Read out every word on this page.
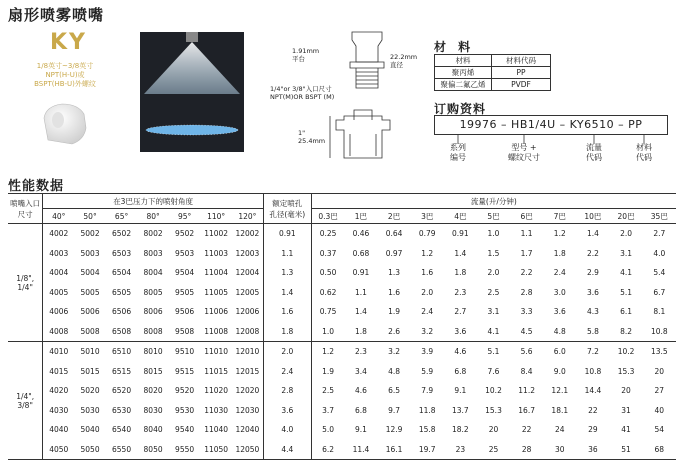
扇形喷雾喷嘴
KY
1/8英寸~3/8英寸
NPT(H-U)或
BSPT(HB-U)外螺纹
1.91mm
平台	22.2mm
直径
1/4"or 3/8"入口尺寸
NPT(M)OR BSPT (M)
1"
25.4mm
材 料
材料	材料代码
聚丙烯	PP
聚偏二氟乙烯	PVDF
订购资料
19976 – HB1/4U – KY6510 – PP
系列
编号
型号 +
螺纹尺寸
流量
代码
材料
代码
性能数据
喷嘴入口尺寸	在3巴压力下的喷射角度							额定喷孔
孔径(毫米)	流量(升/分钟)										
	40°	50°	65°	80°	95°	110°	120°		0.3巴	1巴	2巴	3巴	4巴	5巴	6巴	7巴	10巴	20巴	35巴

1/8",
1/4"	4002	5002	6502	8002	9502	11002	12002	0.91	0.25	0.46	0.64	0.79	0.91	1.0	1.1	1.2	1.4	2.0	2.7
	4003	5003	6503	8003	9503	11003	12003	1.1	0.37	0.68	0.97	1.2	1.4	1.5	1.7	1.8	2.2	3.1	4.0
	4004	5004	6504	8004	9504	11004	12004	1.3	0.50	0.91	1.3	1.6	1.8	2.0	2.2	2.4	2.9	4.1	5.4
	4005	5005	6505	8005	9505	11005	12005	1.4	0.62	1.1	1.6	2.0	2.3	2.5	2.8	3.0	3.6	5.1	6.7
	4006	5006	6506	8006	9506	11006	12006	1.6	0.75	1.4	1.9	2.4	2.7	3.1	3.3	3.6	4.3	6.1	8.1
	4008	5008	6508	8008	9508	11008	12008	1.8	1.0	1.8	2.6	3.2	3.6	4.1	4.5	4.8	5.8	8.2	10.8

1/4",
3/8"	4010	5010	6510	8010	9510	11010	12010	2.0	1.2	2.3	3.2	3.9	4.6	5.1	5.6	6.0	7.2	10.2	13.5
	4015	5015	6515	8015	9515	11015	12015	2.4	1.9	3.4	4.8	5.9	6.8	7.6	8.4	9.0	10.8	15.3	20
	4020	5020	6520	8020	9520	11020	12020	2.8	2.5	4.6	6.5	7.9	9.1	10.2	11.2	12.1	14.4	20	27
	4030	5030	6530	8030	9530	11030	12030	3.6	3.7	6.8	9.7	11.8	13.7	15.3	16.7	18.1	22	31	40
	4040	5040	6540	8040	9540	11040	12040	4.0	5.0	9.1	12.9	15.8	18.2	20	22	24	29	41	54
	4050	5050	6550	8050	9550	11050	12050	4.4	6.2	11.4	16.1	19.7	23	25	28	30	36	51	68
